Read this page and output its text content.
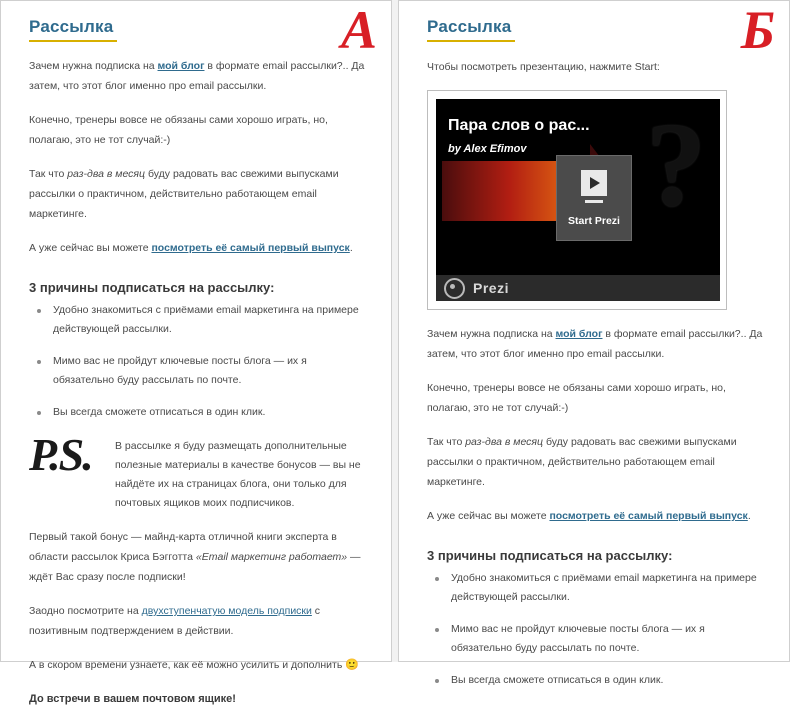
А
Рассылка

Зачем нужна подписка на мой блог в формате email рассылки?.. Да затем, что этот блог именно про email рассылки.

Конечно, тренеры вовсе не обязаны сами хорошо играть, но, полагаю, это не тот случай:-)

Так что раз-два в месяц буду радовать вас свежими выпусками рассылки о практичном, действительно работающем email маркетинге.

А уже сейчас вы можете посмотреть её самый первый выпуск.

3 причины подписаться на рассылку:
Удобно знакомиться с приёмами email маркетинга на примере действующей рассылки.
Мимо вас не пройдут ключевые посты блога — их я обязательно буду рассылать по почте.
Вы всегда сможете отписаться в один клик.
P.S.	В рассылке я буду размещать дополнительные полезные материалы в качестве бонусов — вы не найдёте их на страницах блога, они только для почтовых ящиков моих подписчиков.

Первый такой бонус — майнд-карта отличной книги эксперта в области рассылок Криса Бэгготта «Email маркетинг работает» — ждёт Вас сразу после подписки!

Заодно посмотрите на двухступенчатую модель подписки с позитивным подтверждением в действии.

А в скором времени узнаете, как её можно усилить и дополнить 🙂

До встречи в вашем почтовом ящике!

Б
Рассылка

Чтобы посмотреть презентацию, нажмите Start:

?
Пара слов о рас...
by Alex Efimov
Start Prezi
Prezi

Зачем нужна подписка на мой блог в формате email рассылки?.. Да затем, что этот блог именно про email рассылки.

Конечно, тренеры вовсе не обязаны сами хорошо играть, но, полагаю, это не тот случай:-)

Так что раз-два в месяц буду радовать вас свежими выпусками рассылки о практичном, действительно работающем email маркетинге.

А уже сейчас вы можете посмотреть её самый первый выпуск.

3 причины подписаться на рассылку:
Удобно знакомиться с приёмами email маркетинга на примере действующей рассылки.
Мимо вас не пройдут ключевые посты блога — их я обязательно буду рассылать по почте.
Вы всегда сможете отписаться в один клик.
